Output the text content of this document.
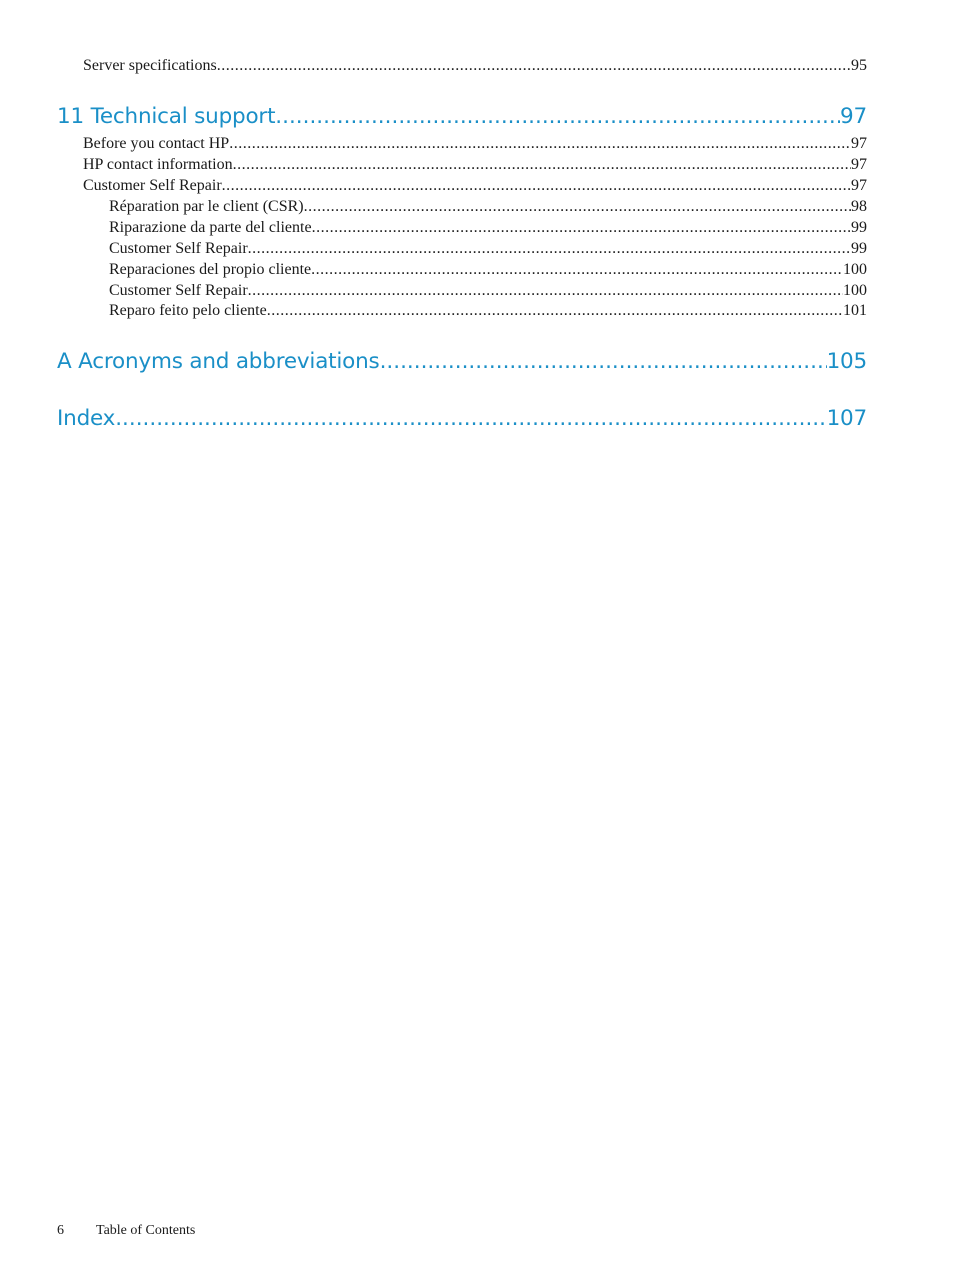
Server specifications .....	95
11 Technical support .....	97
Before you contact HP .....	97
HP contact information .....	97
Customer Self Repair .....	97
Réparation par le client (CSR) .....	98
Riparazione da parte del cliente .....	99
Customer Self Repair .....	99
Reparaciones del propio cliente .....	100
Customer Self Repair .....	100
Reparo feito pelo cliente .....	101
A Acronyms and abbreviations .....	105
Index .....	107
6 Table of Contents
